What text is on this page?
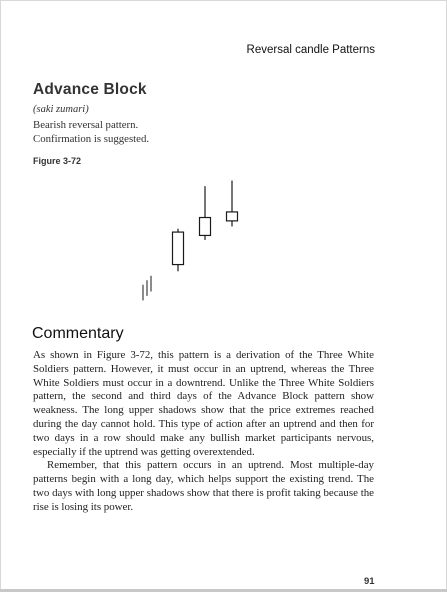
Reversal candle Patterns
Advance Block
(saki zumari)
Bearish reversal pattern.
Confirmation is suggested.
Figure 3-72
Commentary

As shown in Figure 3-72, this pattern is a derivation of the Three White Soldiers pattern. However, it must occur in an uptrend, whereas the Three White Soldiers must occur in a downtrend. Unlike the Three White Soldiers pattern, the second and third days of the Advance Block pattern show weakness. The long upper shadows show that the price extremes reached during the day cannot hold. This type of action after an uptrend and then for two days in a row should make any bullish market participants nervous, especially if the uptrend was getting overextended.

Remember, that this pattern occurs in an uptrend. Most multiple-day patterns begin with a long day, which helps support the existing trend. The two days with long upper shadows show that there is profit taking because the rise is losing its power.

91
